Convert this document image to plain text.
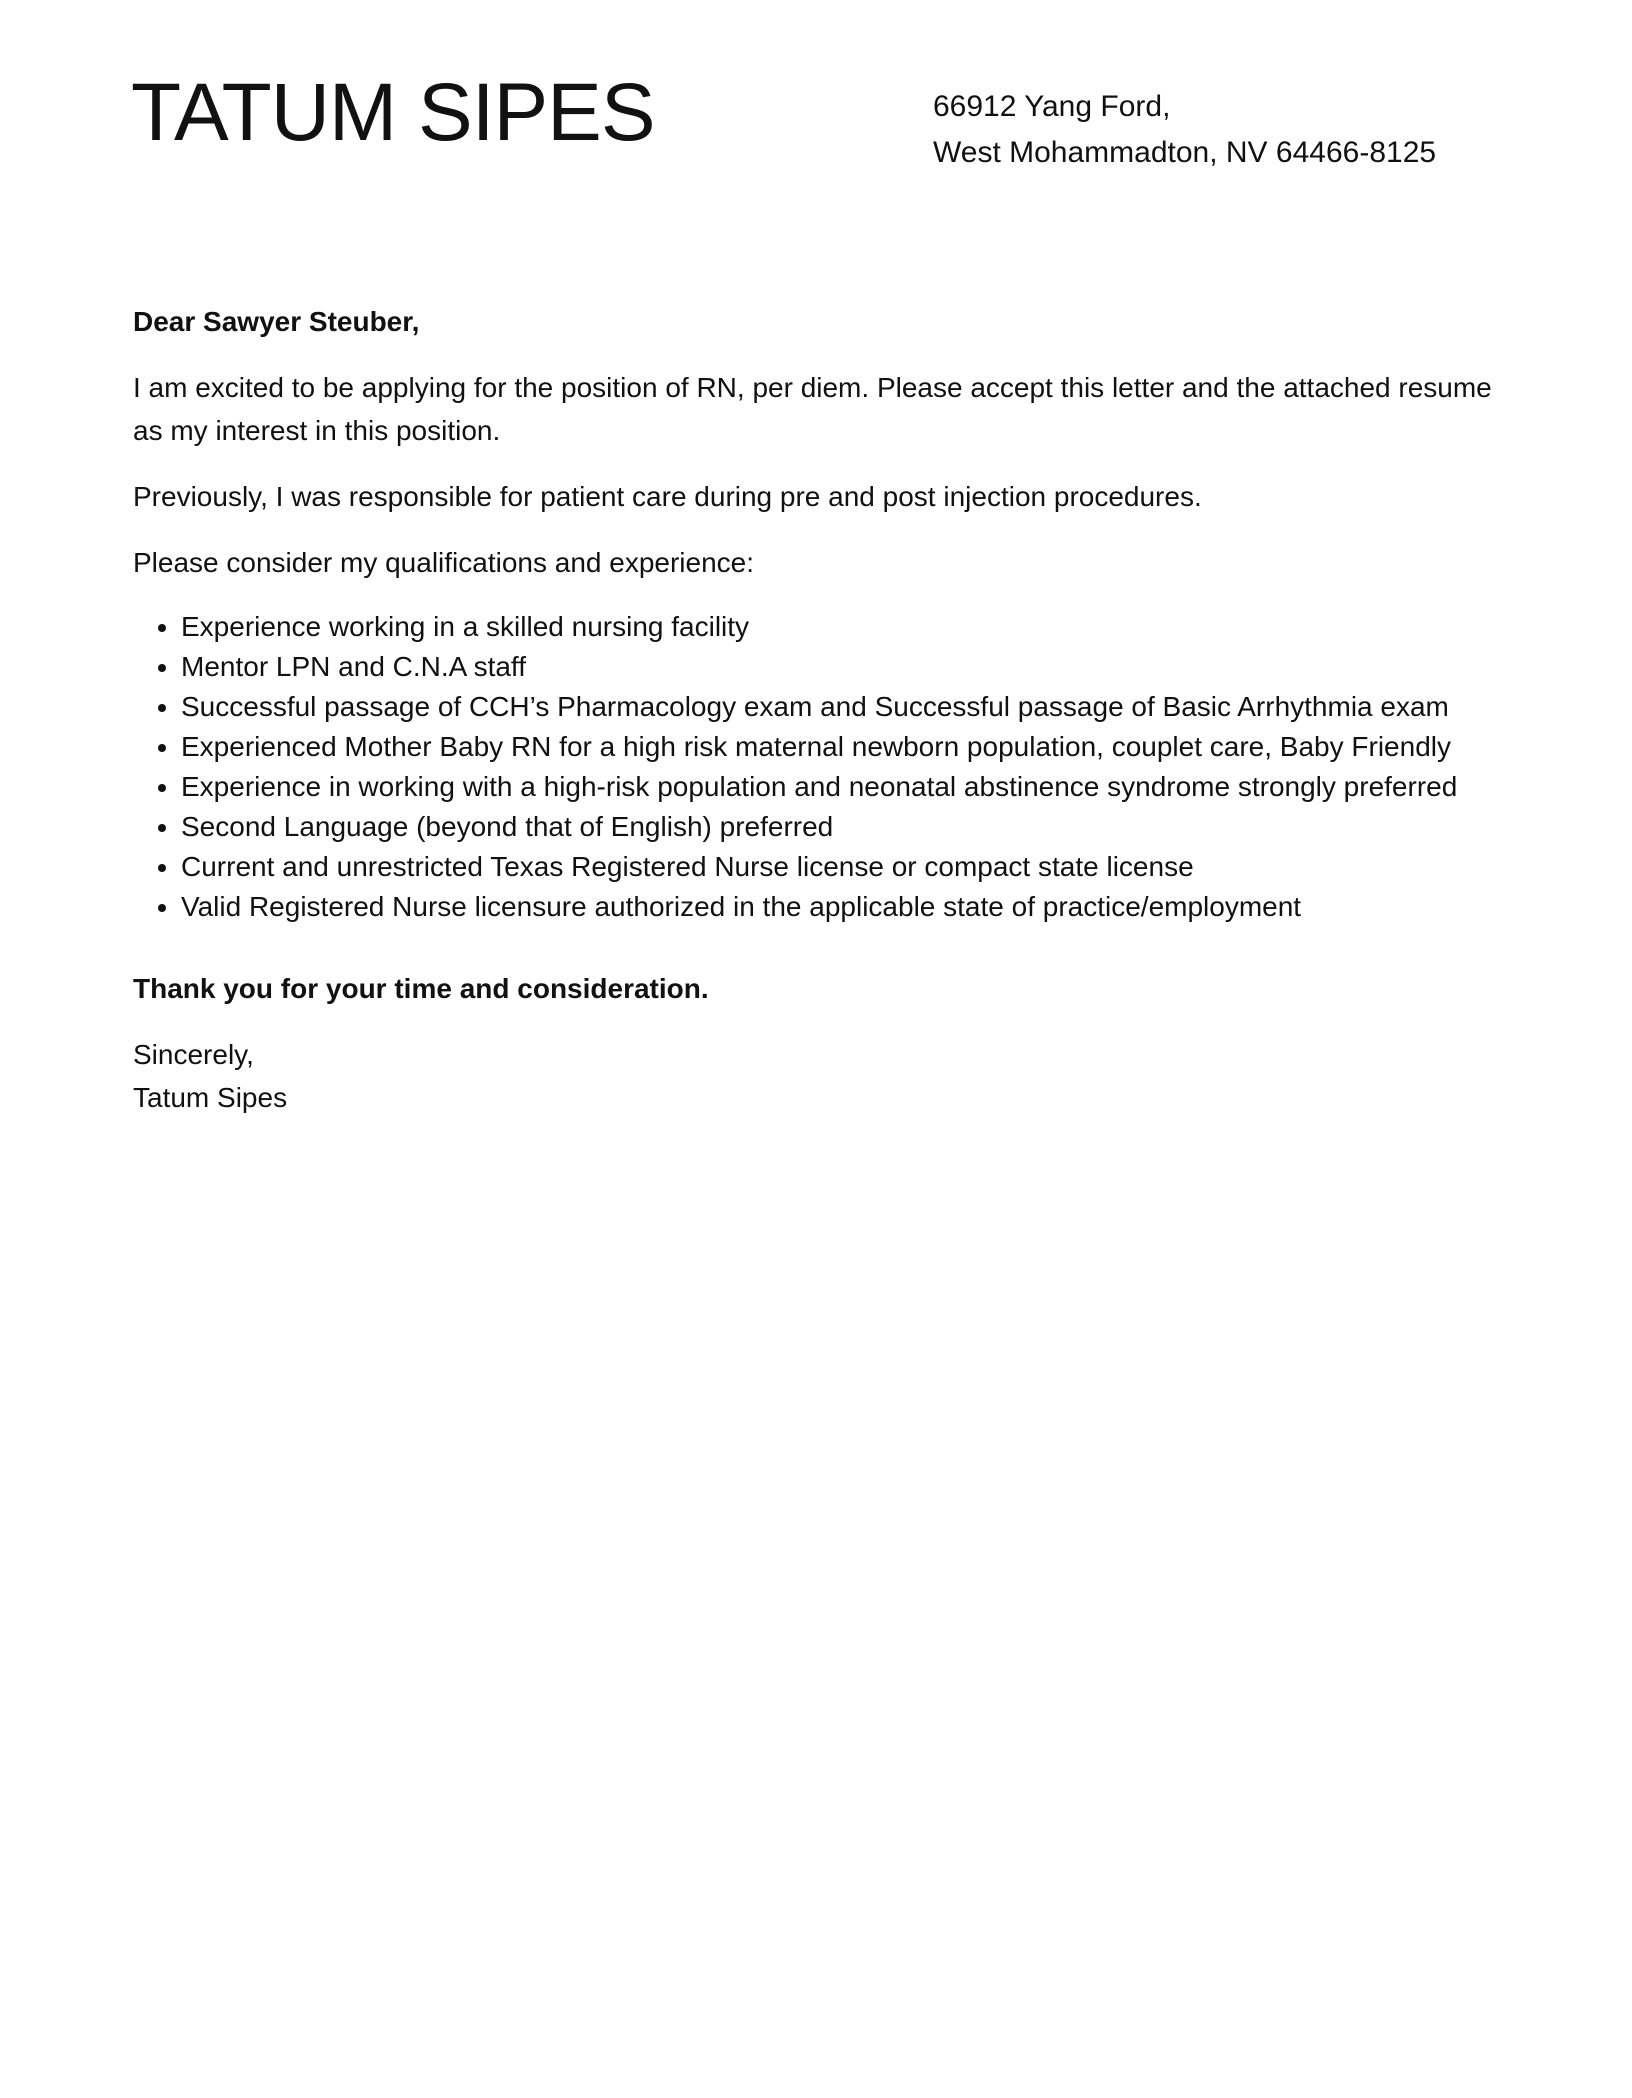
TATUM SIPES	66912 Yang Ford,
West Mohammadton, NV 64466-8125

Dear Sawyer Steuber,

I am excited to be applying for the position of RN, per diem. Please accept this letter and the attached resume as my interest in this position.

Previously, I was responsible for patient care during pre and post injection procedures.

Please consider my qualifications and experience:

• Experience working in a skilled nursing facility
• Mentor LPN and C.N.A staff
• Successful passage of CCH’s Pharmacology exam and Successful passage of Basic Arrhythmia exam
• Experienced Mother Baby RN for a high risk maternal newborn population, couplet care, Baby Friendly
• Experience in working with a high-risk population and neonatal abstinence syndrome strongly preferred
• Second Language (beyond that of English) preferred
• Current and unrestricted Texas Registered Nurse license or compact state license
• Valid Registered Nurse licensure authorized in the applicable state of practice/employment

Thank you for your time and consideration.

Sincerely,
Tatum Sipes
